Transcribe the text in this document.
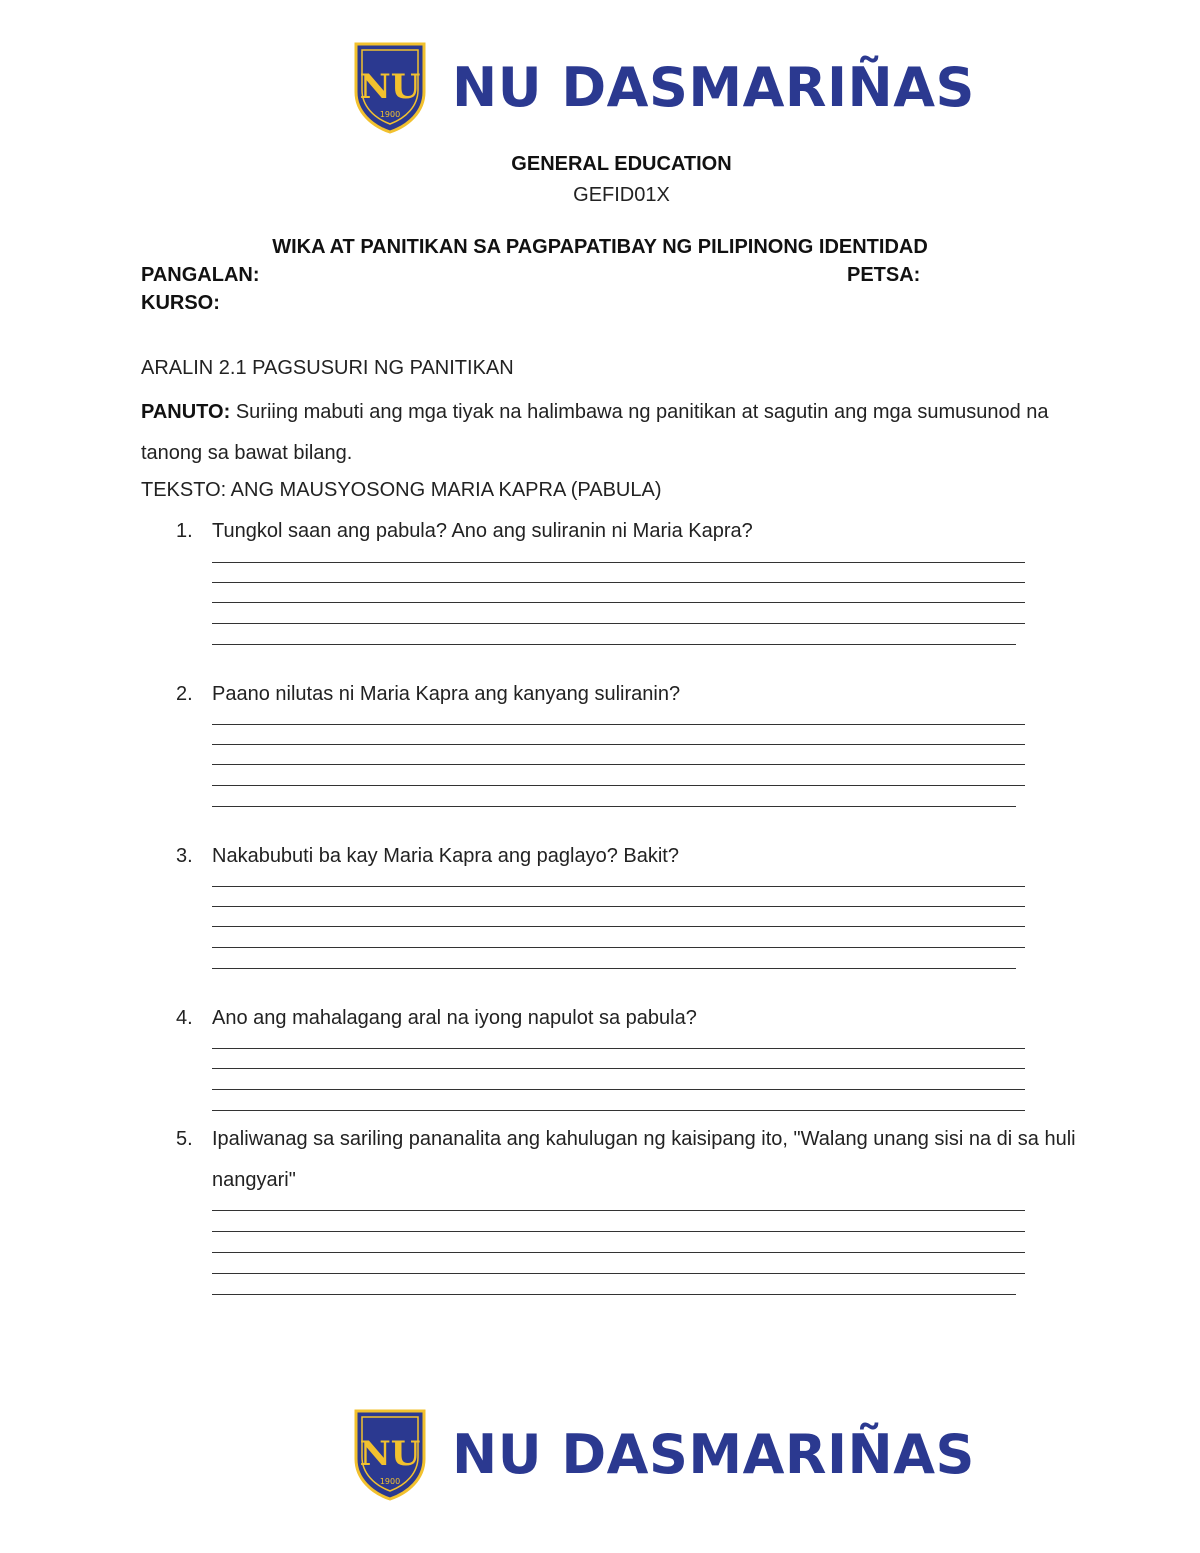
NU
1900 NU DASMARIÑAS
GENERAL EDUCATION
GEFID01X
WIKA AT PANITIKAN SA PAGPAPATIBAY NG PILIPINONG IDENTIDAD
PANGALAN:	PETSA:
KURSO:
ARALIN 2.1 PAGSUSURI NG PANITIKAN
PANUTO: Suriing mabuti ang mga tiyak na halimbawa ng panitikan at sagutin ang mga sumusunod na tanong sa bawat bilang.
TEKSTO: ANG MAUSYOSONG MARIA KAPRA (PABULA)
1. Tungkol saan ang pabula? Ano ang suliranin ni Maria Kapra?
2. Paano nilutas ni Maria Kapra ang kanyang suliranin?
3. Nakabubuti ba kay Maria Kapra ang paglayo? Bakit?
4. Ano ang mahalagang aral na iyong napulot sa pabula?
5. Ipaliwanag sa sariling pananalita ang kahulugan ng kaisipang ito, "Walang unang sisi na di sa huli nangyari"
NU
1900 NU DASMARIÑAS
